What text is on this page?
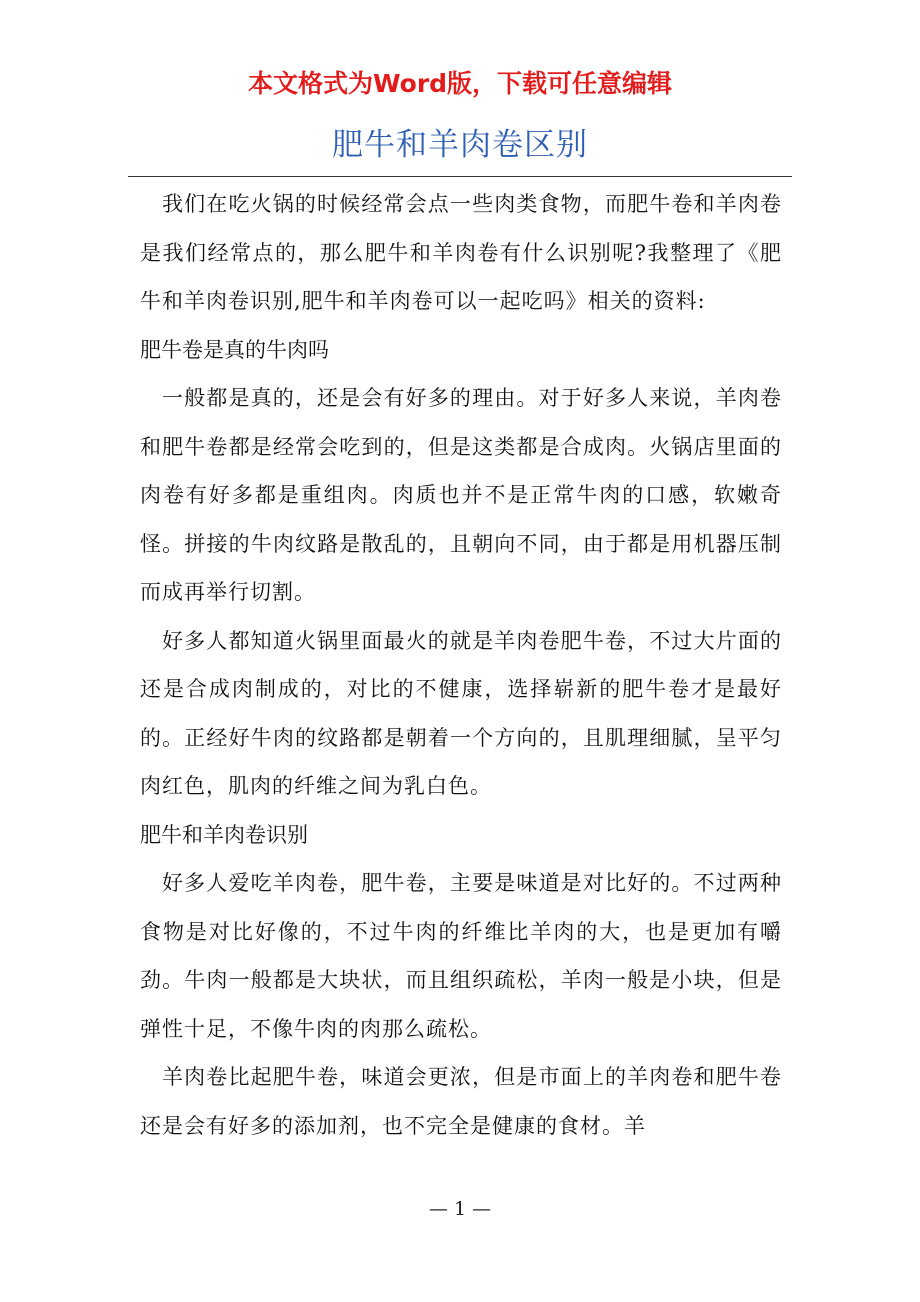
本文格式为Word版，下载可任意编辑
肥牛和羊肉卷区别

我们在吃火锅的时候经常会点一些肉类食物，而肥牛卷和羊肉卷是我们经常点的，那么肥牛和羊肉卷有什么识别呢?我整理了《肥牛和羊肉卷识别,肥牛和羊肉卷可以一起吃吗》相关的资料:

肥牛卷是真的牛肉吗

一般都是真的，还是会有好多的理由。对于好多人来说，羊肉卷和肥牛卷都是经常会吃到的，但是这类都是合成肉。火锅店里面的肉卷有好多都是重组肉。肉质也并不是正常牛肉的口感，软嫩奇怪。拼接的牛肉纹路是散乱的，且朝向不同，由于都是用机器压制而成再举行切割。

好多人都知道火锅里面最火的就是羊肉卷肥牛卷，不过大片面的还是合成肉制成的，对比的不健康，选择崭新的肥牛卷才是最好的。正经好牛肉的纹路都是朝着一个方向的，且肌理细腻，呈平匀肉红色，肌肉的纤维之间为乳白色。

肥牛和羊肉卷识别

好多人爱吃羊肉卷，肥牛卷，主要是味道是对比好的。不过两种食物是对比好像的，不过牛肉的纤维比羊肉的大，也是更加有嚼劲。牛肉一般都是大块状，而且组织疏松，羊肉一般是小块，但是弹性十足，不像牛肉的肉那么疏松。

羊肉卷比起肥牛卷，味道会更浓，但是市面上的羊肉卷和肥牛卷还是会有好多的添加剂，也不完全是健康的食材。羊

— 1 —
